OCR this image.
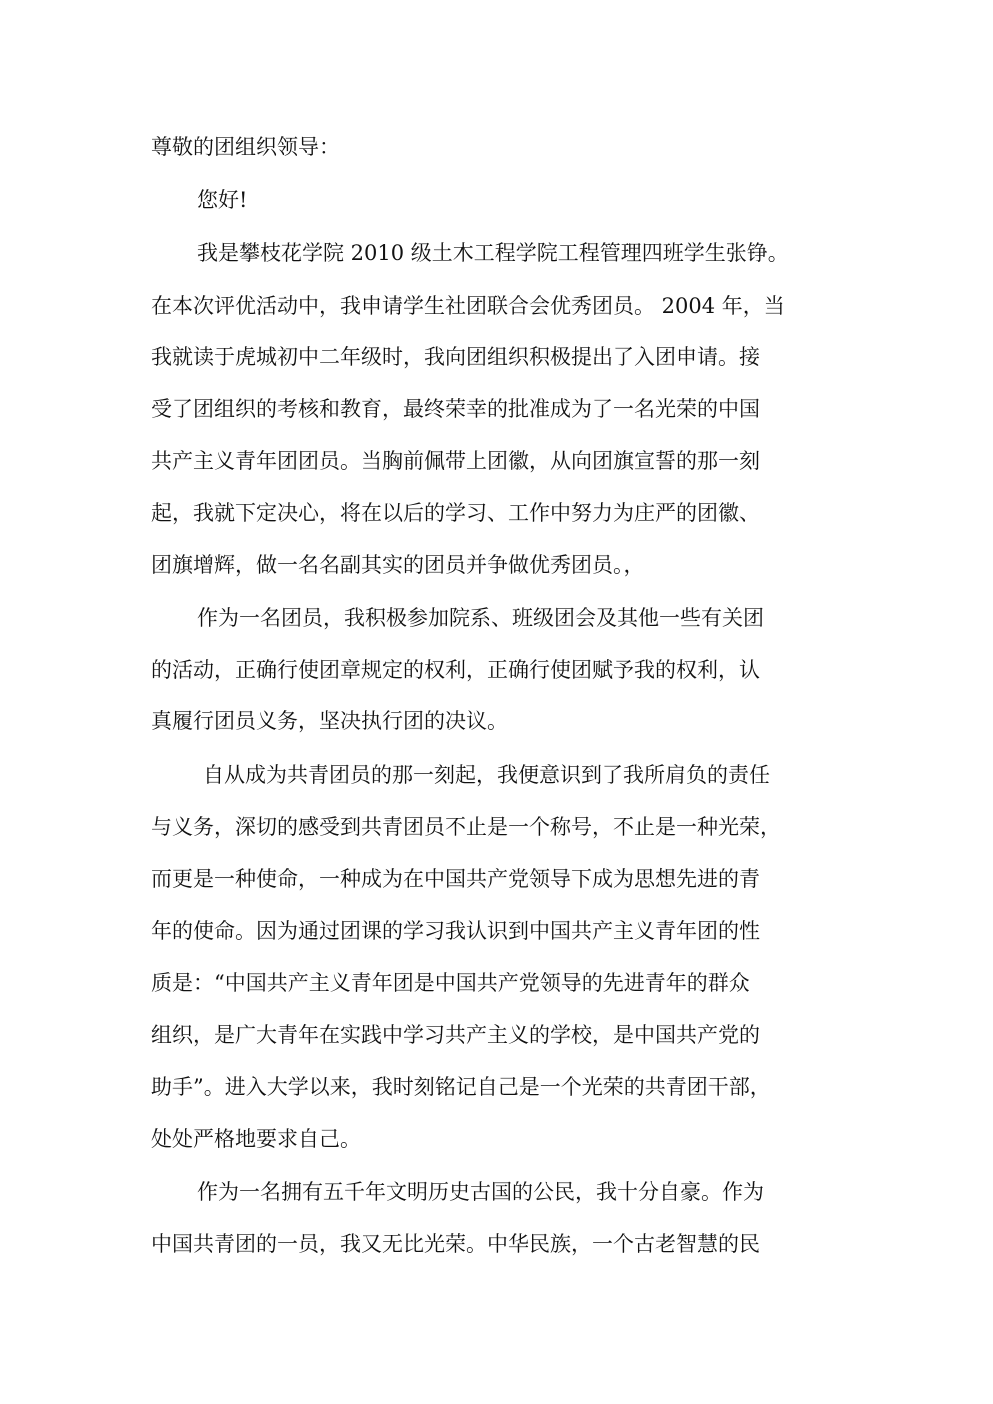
尊敬的团组织领导：
您好!
我是攀枝花学院 2010 级土木工程学院工程管理四班学生张铮。
在本次评优活动中，我申请学生社团联合会优秀团员。 2004 年，当
我就读于虎城初中二年级时，我向团组织积极提出了入团申请。接
受了团组织的考核和教育，最终荣幸的批准成为了一名光荣的中国
共产主义青年团团员。当胸前佩带上团徽，从向团旗宣誓的那一刻
起，我就下定决心，将在以后的学习、工作中努力为庄严的团徽、
团旗增辉，做一名名副其实的团员并争做优秀团员。，
作为一名团员，我积极参加院系、班级团会及其他一些有关团
的活动，正确行使团章规定的权利，正确行使团赋予我的权利，认
真履行团员义务，坚决执行团的决议。
自从成为共青团员的那一刻起，我便意识到了我所肩负的责任
与义务，深切的感受到共青团员不止是一个称号，不止是一种光荣，
而更是一种使命，一种成为在中国共产党领导下成为思想先进的青
年的使命。因为通过团课的学习我认识到中国共产主义青年团的性
质是：“中国共产主义青年团是中国共产党领导的先进青年的群众
组织，是广大青年在实践中学习共产主义的学校，是中国共产党的
助手”。进入大学以来，我时刻铭记自己是一个光荣的共青团干部，
处处严格地要求自己。
作为一名拥有五千年文明历史古国的公民，我十分自豪。作为
中国共青团的一员，我又无比光荣。中华民族，一个古老智慧的民
